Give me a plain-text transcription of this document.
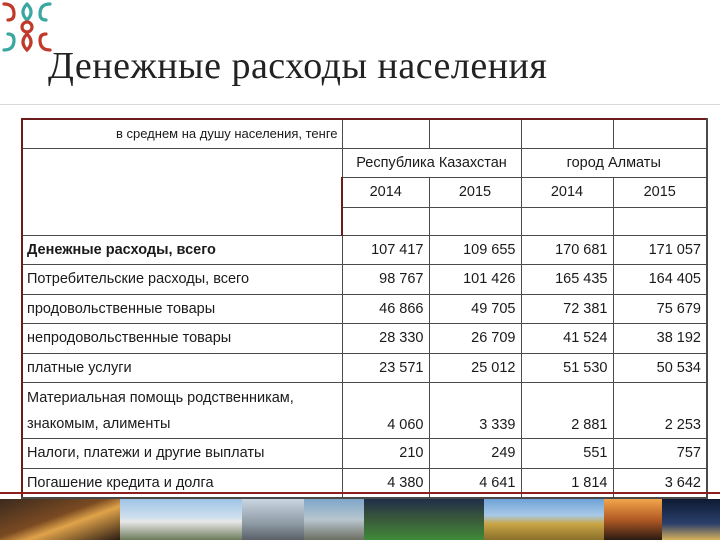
Денежные расходы населения
в среднем на душу населения, тенге				
	Республика Казахстан		город Алматы	
	2014	2015	2014	2015

Денежные расходы, всего	107 417	109 655	170 681	171 057
Потребительские расходы, всего	98 767	101 426	165 435	164 405
продовольственные товары	46 866	49 705	72 381	75 679
непродовольственные товары	28 330	26 709	41 524	38 192
платные услуги	23 571	25 012	51 530	50 534
Материальная помощь родственникам, знакомым, алименты	4 060	3 339	2 881	2 253
Налоги, платежи и другие выплаты	210	249	551	757
Погашение кредита и долга	4 380	4 641	1 814	3 642
